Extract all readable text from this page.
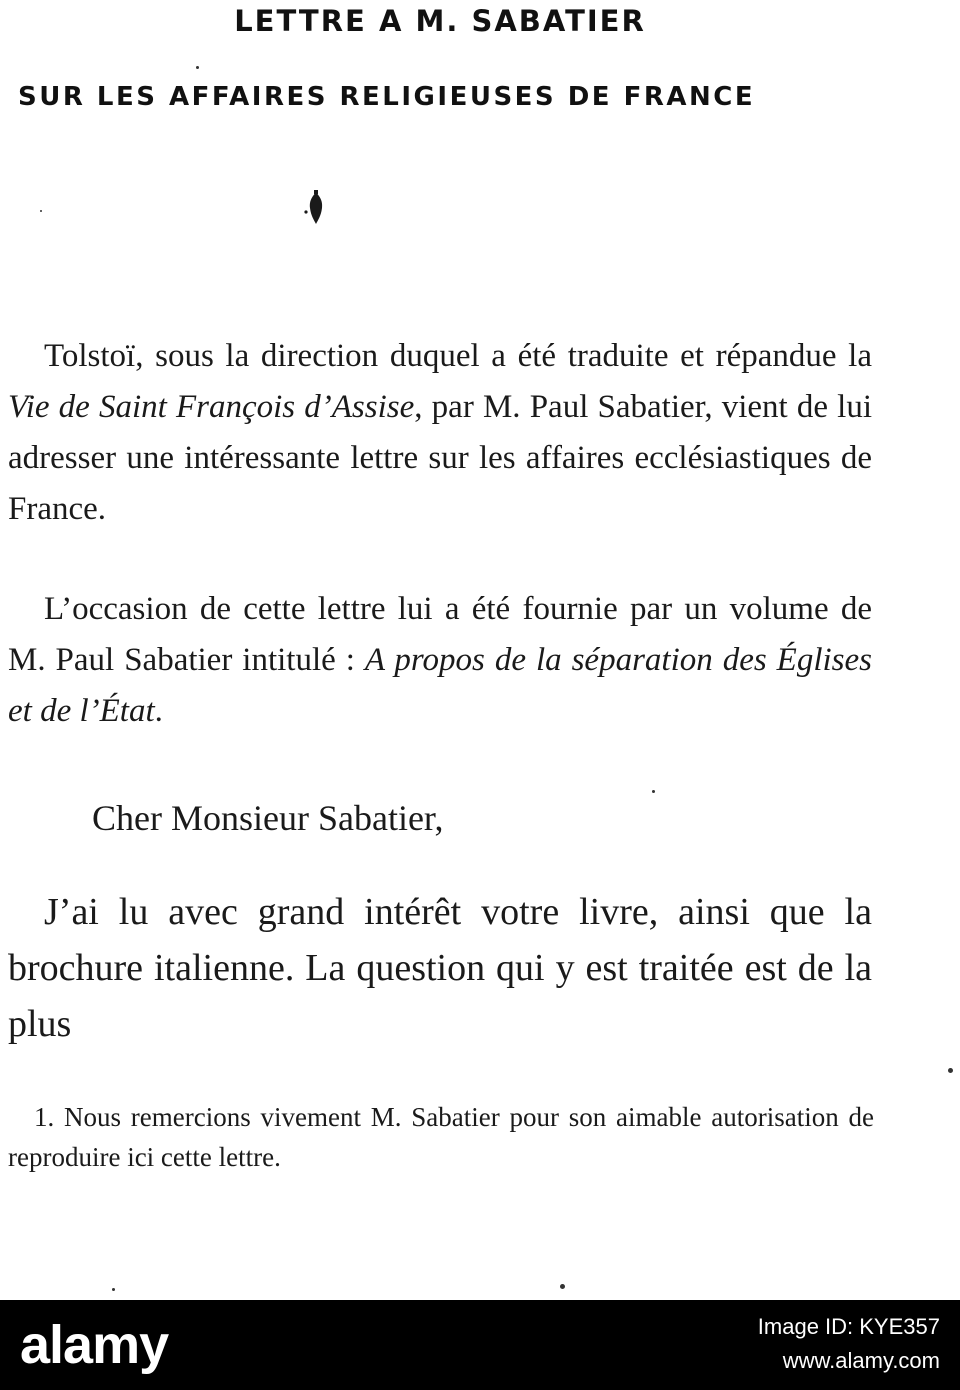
LETTRE A M. SABATIER
SUR LES AFFAIRES RELIGIEUSES DE FRANCE

Tolstoï, sous la direction duquel a été traduite et répandue la Vie de Saint François d’Assise, par M. Paul Sabatier, vient de lui adresser une intéressante lettre sur les affaires ecclésiastiques de France.

L’occasion de cette lettre lui a été fournie par un volume de M. Paul Sabatier intitulé : A propos de la séparation des Églises et de l’État.

Cher Monsieur Sabatier,

J’ai lu avec grand intérêt votre livre, ainsi que la brochure italienne. La question qui y est traitée est de la plus

1. Nous remercions vivement M. Sabatier pour son aimable autorisation de reproduire ici cette lettre.

alamy	Image ID: KYE357
www.alamy.com
